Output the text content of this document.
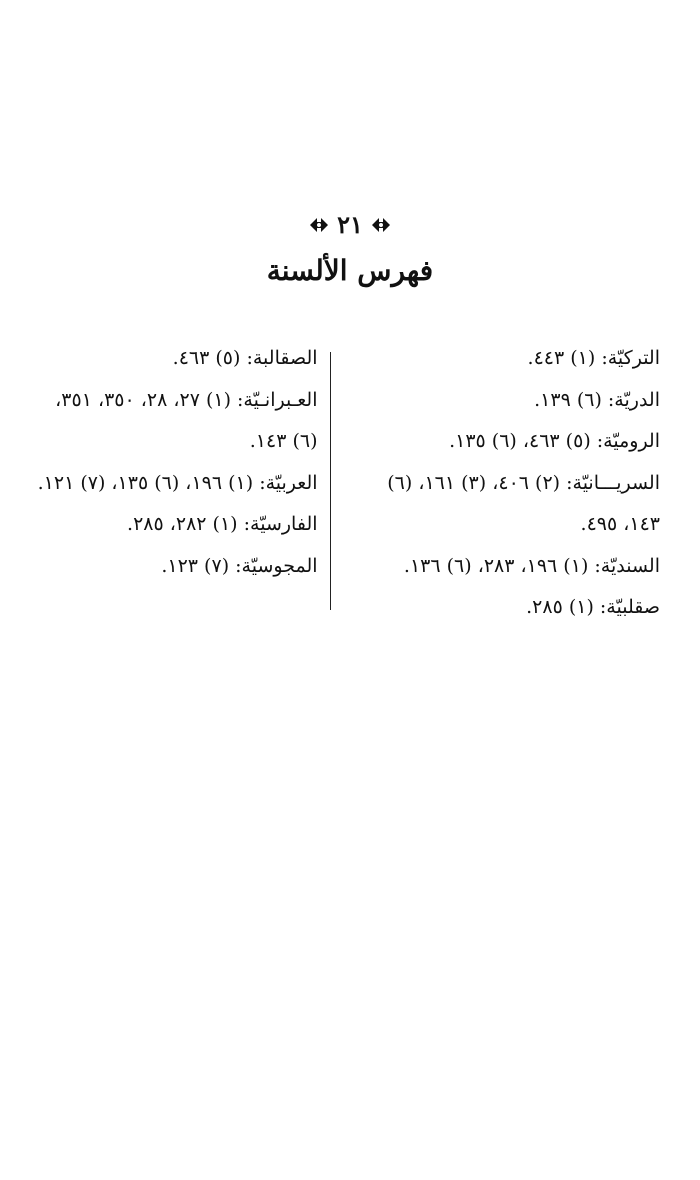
٢١
فهرس الألسنة
التركيّة: (١) ٤٤٣.
الدريّة: (٦) ١٣٩.
الروميّة: (٥) ٤٦٣، (٦) ١٣٥.
السريـــانيّة: (٢) ٤٠٦، (٣) ١٦١، (٦)
١٤٣، ٤٩٥.
السنديّة: (١) ١٩٦، ٢٨٣، (٦) ١٣٦.
صقلبيّة: (١) ٢٨٥.
الصقالبة: (٥) ٤٦٣.
العـبرانـيّة: (١) ٢٧، ٢٨، ٣٥٠، ٣٥١،
(٦) ١٤٣.
العربيّة: (١) ١٩٦، (٦) ١٣٥، (٧) ١٢١.
الفارسيّة: (١) ٢٨٢، ٢٨٥.
المجوسيّة: (٧) ١٢٣.
